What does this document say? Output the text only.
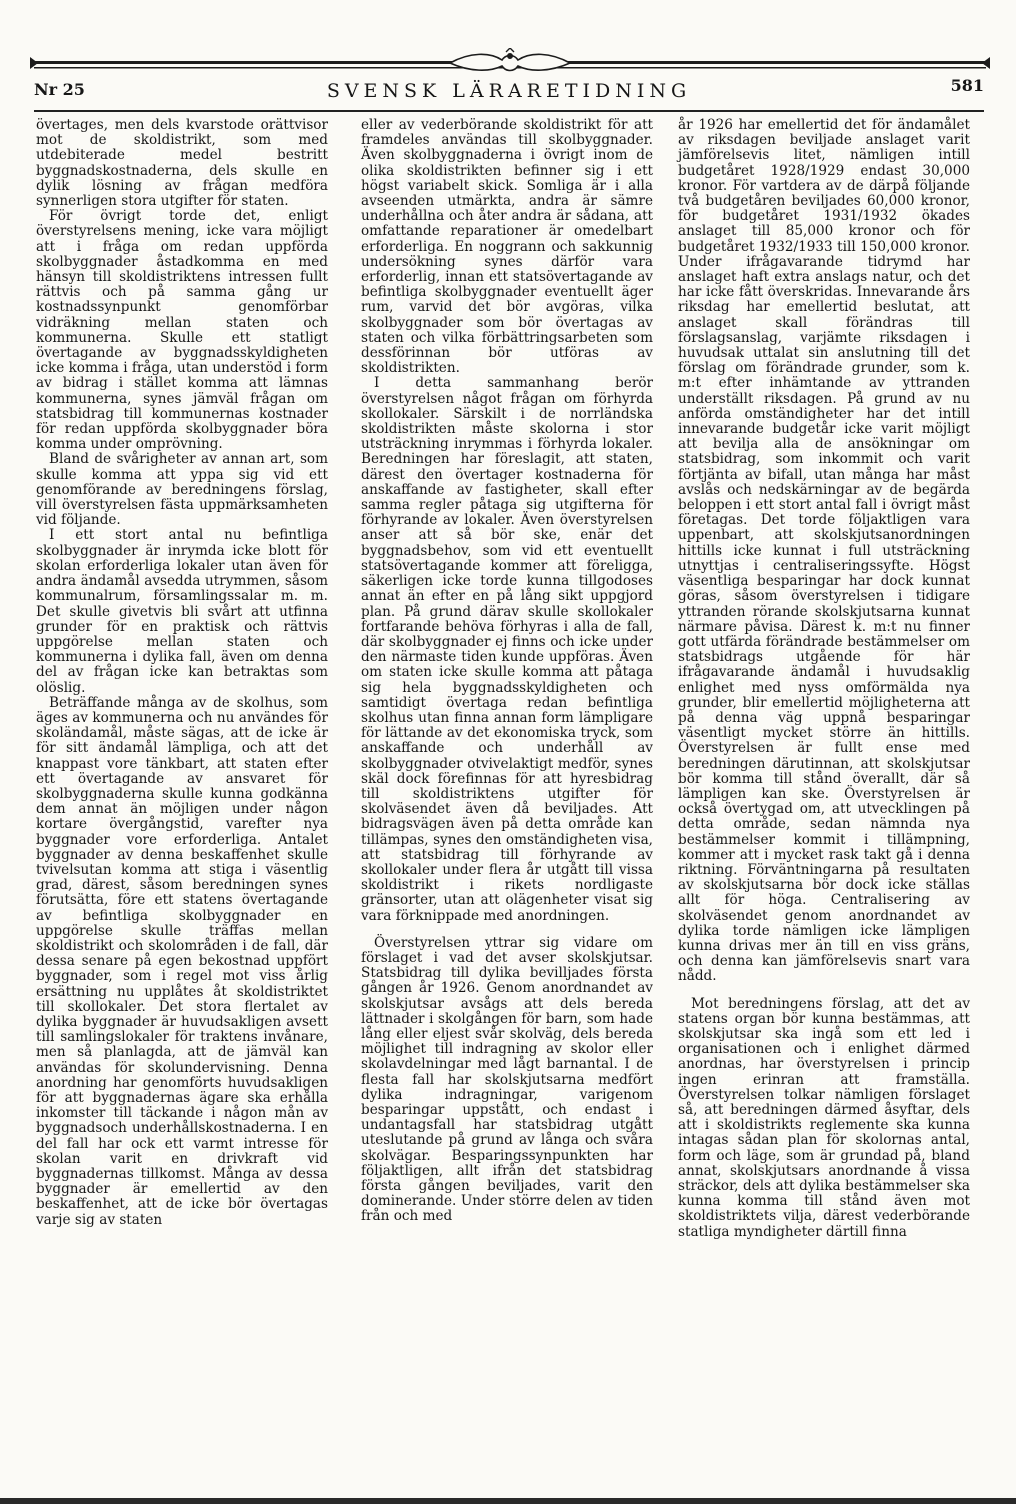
Nr 25	SVENSK LÄRARETIDNING	581

övertages, men dels kvarstode orättvisor mot de skoldistrikt, som med utdebiterade medel bestritt byggnadskostnaderna, dels skulle en dylik lösning av frågan medföra synnerligen stora utgifter för staten.

För övrigt torde det, enligt överstyrelsens mening, icke vara möjligt att i fråga om redan uppförda skolbyggnader åstadkomma en med hänsyn till skoldistriktens intressen fullt rättvis och på samma gång ur kostnadssynpunkt genomförbar vidräkning mellan staten och kommunerna. Skulle ett statligt övertagande av byggnadsskyldigheten icke komma i fråga, utan understöd i form av bidrag i stället komma att lämnas kommunerna, synes jämväl frågan om statsbidrag till kommunernas kostnader för redan uppförda skolbyggnader böra komma under omprövning.

Bland de svårigheter av annan art, som skulle komma att yppa sig vid ett genomförande av beredningens förslag, vill överstyrelsen fästa uppmärksamheten vid följande.

I ett stort antal nu befintliga skolbyggnader är inrymda icke blott för skolan erforderliga lokaler utan även för andra ändamål avsedda utrymmen, såsom kommunalrum, församlingssalar m. m. Det skulle givetvis bli svårt att utfinna grunder för en praktisk och rättvis uppgörelse mellan staten och kommunerna i dylika fall, även om denna del av frågan icke kan betraktas som olöslig.

Beträffande många av de skolhus, som äges av kommunerna och nu användes för skoländamål, måste sägas, att de icke är för sitt ändamål lämpliga, och att det knappast vore tänkbart, att staten efter ett övertagande av ansvaret för skolbyggnaderna skulle kunna godkänna dem annat än möjligen under någon kortare övergångstid, varefter nya byggnader vore erforderliga. Antalet byggnader av denna beskaffenhet skulle tvivelsutan komma att stiga i väsentlig grad, därest, såsom beredningen synes förutsätta, före ett statens övertagande av befintliga skolbyggnader en uppgörelse skulle träffas mellan skoldistrikt och skolområden i de fall, där dessa senare på egen bekostnad uppfört byggnader, som i regel mot viss årlig ersättning nu upplåtes åt skoldistriktet till skollokaler. Det stora flertalet av dylika byggnader är huvudsakligen avsett till samlingslokaler för traktens invånare, men så planlagda, att de jämväl kan användas för skolundervisning. Denna anordning har genomförts huvudsakligen för att byggnadernas ägare ska erhålla inkomster till täckande i någon mån av byggnadsoch underhållskostnaderna. I en del fall har ock ett varmt intresse för skolan varit en drivkraft vid byggnadernas tillkomst. Många av dessa byggnader är emellertid av den beskaffenhet, att de icke bör övertagas varje sig av staten

eller av vederbörande skoldistrikt för att framdeles användas till skolbyggnader. Även skolbyggnaderna i övrigt inom de olika skoldistrikten befinner sig i ett högst variabelt skick. Somliga är i alla avseenden utmärkta, andra är sämre underhållna och åter andra är sådana, att omfattande reparationer är omedelbart erforderliga. En noggrann och sakkunnig undersökning synes därför vara erforderlig, innan ett statsövertagande av befintliga skolbyggnader eventuellt äger rum, varvid det bör avgöras, vilka skolbyggnader som bör övertagas av staten och vilka förbättringsarbeten som dessförinnan bör utföras av skoldistrikten.

I detta sammanhang berör överstyrelsen något frågan om förhyrda skollokaler. Särskilt i de norrländska skoldistrikten måste skolorna i stor utsträckning inrymmas i förhyrda lokaler. Beredningen har föreslagit, att staten, därest den övertager kostnaderna för anskaffande av fastigheter, skall efter samma regler påtaga sig utgifterna för förhyrande av lokaler. Även överstyrelsen anser att så bör ske, enär det byggnadsbehov, som vid ett eventuellt statsövertagande kommer att föreligga, säkerligen icke torde kunna tillgodoses annat än efter en på lång sikt uppgjord plan. På grund därav skulle skollokaler fortfarande behöva förhyras i alla de fall, där skolbyggnader ej finns och icke under den närmaste tiden kunde uppföras. Även om staten icke skulle komma att påtaga sig hela byggnadsskyldigheten och samtidigt övertaga redan befintliga skolhus utan finna annan form lämpligare för lättande av det ekonomiska tryck, som anskaffande och underhåll av skolbyggnader otvivelaktigt medför, synes skäl dock förefinnas för att hyresbidrag till skoldistriktens utgifter för skolväsendet även då beviljades. Att bidragsvägen även på detta område kan tillämpas, synes den omständigheten visa, att statsbidrag till förhyrande av skollokaler under flera år utgått till vissa skoldistrikt i rikets nordligaste gränsorter, utan att olägenheter visat sig vara förknippade med anordningen.

Överstyrelsen yttrar sig vidare om förslaget i vad det avser skolskjutsar. Statsbidrag till dylika bevilljades första gången år 1926. Genom anordnandet av skolskjutsar avsågs att dels bereda lättnader i skolgången för barn, som hade lång eller eljest svår skolväg, dels bereda möjlighet till indragning av skolor eller skolavdelningar med lågt barnantal. I de flesta fall har skolskjutsarna medfört dylika indragningar, varigenom besparingar uppstått, och endast i undantagsfall har statsbidrag utgått uteslutande på grund av långa och svåra skolvägar. Besparingssynpunkten har följaktligen, allt ifrån det statsbidrag första gången beviljades, varit den dominerande. Under större delen av tiden från och med

år 1926 har emellertid det för ändamålet av riksdagen beviljade anslaget varit jämförelsevis litet, nämligen intill budgetåret 1928/1929 endast 30,000 kronor. För vartdera av de därpå följande två budgetåren beviljades 60,000 kronor, för budgetåret 1931/1932 ökades anslaget till 85,000 kronor och för budgetåret 1932/1933 till 150,000 kronor. Under ifrågavarande tidrymd har anslaget haft extra anslags natur, och det har icke fått överskridas. Innevarande års riksdag har emellertid beslutat, att anslaget skall förändras till förslagsanslag, varjämte riksdagen i huvudsak uttalat sin anslutning till det förslag om förändrade grunder, som k. m:t efter inhämtande av yttranden underställt riksdagen. På grund av nu anförda omständigheter har det intill innevarande budgetår icke varit möjligt att bevilja alla de ansökningar om statsbidrag, som inkommit och varit förtjänta av bifall, utan många har måst avslås och nedskärningar av de begärda beloppen i ett stort antal fall i övrigt måst företagas. Det torde följaktligen vara uppenbart, att skolskjutsanordningen hittills icke kunnat i full utsträckning utnyttjas i centraliseringssyfte. Högst väsentliga besparingar har dock kunnat göras, såsom överstyrelsen i tidigare yttranden rörande skolskjutsarna kunnat närmare påvisa. Därest k. m:t nu finner gott utfärda förändrade bestämmelser om statsbidrags utgående för här ifrågavarande ändamål i huvudsaklig enlighet med nyss omförmälda nya grunder, blir emellertid möjligheterna att på denna väg uppnå besparingar väsentligt mycket större än hittills. Överstyrelsen är fullt ense med beredningen därutinnan, att skolskjutsar bör komma till stånd överallt, där så lämpligen kan ske. Överstyrelsen är också övertygad om, att utvecklingen på detta område, sedan nämnda nya bestämmelser kommit i tillämpning, kommer att i mycket rask takt gå i denna riktning. Förväntningarna på resultaten av skolskjutsarna bör dock icke ställas allt för höga. Centralisering av skolväsendet genom anordnandet av dylika torde nämligen icke lämpligen kunna drivas mer än till en viss gräns, och denna kan jämförelsevis snart vara nådd.

Mot beredningens förslag, att det av statens organ bör kunna bestämmas, att skolskjutsar ska ingå som ett led i organisationen och i enlighet därmed anordnas, har överstyrelsen i princip ingen erinran att framställa. Överstyrelsen tolkar nämligen förslaget så, att beredningen därmed åsyftar, dels att i skoldistrikts reglemente ska kunna intagas sådan plan för skolornas antal, form och läge, som är grundad på, bland annat, skolskjutsars anordnande å vissa sträckor, dels att dylika bestämmelser ska kunna komma till stånd även mot skoldistriktets vilja, därest vederbörande statliga myndigheter därtill finna
